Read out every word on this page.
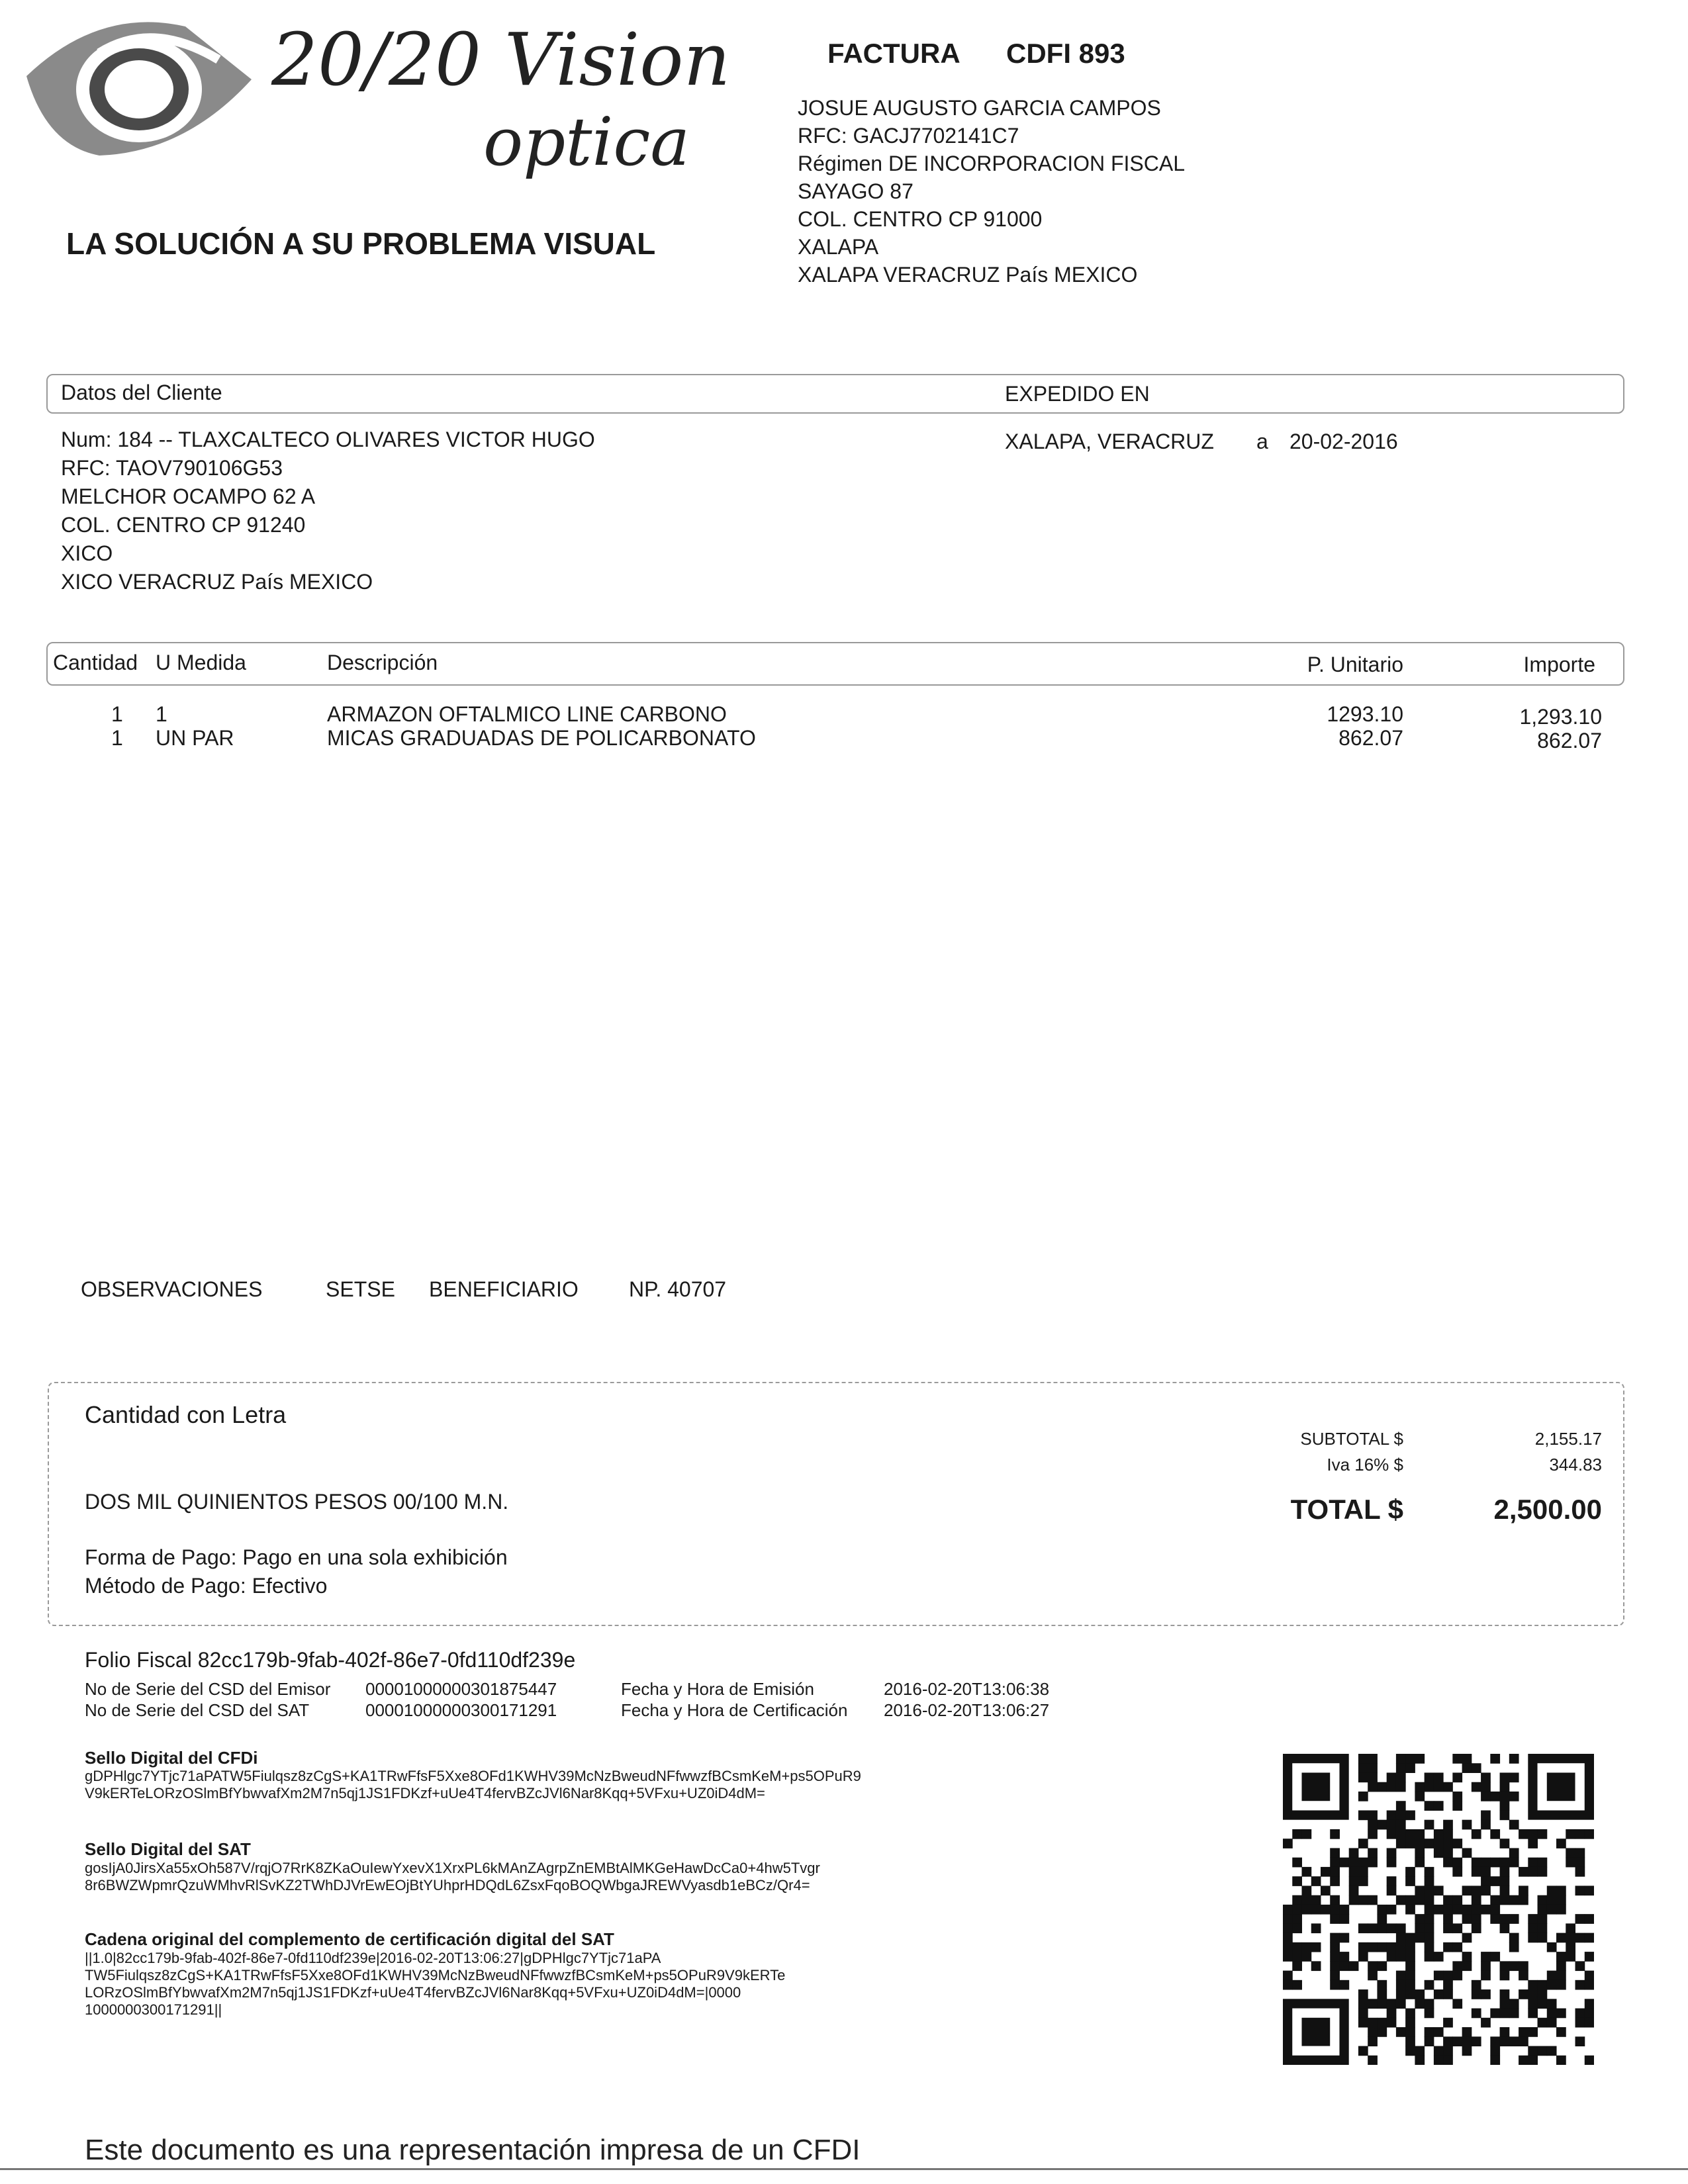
20/20 Vision
optica
LA SOLUCIÓN A SU PROBLEMA VISUAL
FACTURA CDFI 893
JOSUE AUGUSTO GARCIA CAMPOS
RFC: GACJ7702141C7
Régimen DE INCORPORACION FISCAL
SAYAGO 87
COL. CENTRO CP 91000
XALAPA
XALAPA VERACRUZ País MEXICO
Datos del Cliente	EXPEDIDO EN
Num: 184 -- TLAXCALTECO OLIVARES VICTOR HUGO
RFC: TAOV790106G53
MELCHOR OCAMPO 62 A
COL. CENTRO CP 91240
XICO
XICO VERACRUZ País MEXICO
XALAPA, VERACRUZ a 20-02-2016
Cantidad U Medida	Descripción	P. Unitario	Importe
1 1	ARMAZON OFTALMICO LINE CARBONO	1293.10	1,293.10
1 UN PAR	MICAS GRADUADAS DE POLICARBONATO	862.07	862.07
OBSERVACIONES	SETSE BENEFICIARIO NP. 40707
Cantidad con Letra
DOS MIL QUINIENTOS PESOS 00/100 M.N.
Forma de Pago: Pago en una sola exhibición
Método de Pago: Efectivo
SUBTOTAL $	2,155.17
Iva 16% $	344.83
TOTAL $	2,500.00
Folio Fiscal 82cc179b-9fab-402f-86e7-0fd110df239e
No de Serie del CSD del Emisor 00001000000301875447	Fecha y Hora de Emisión	2016-02-20T13:06:38
No de Serie del CSD del SAT	00001000000300171291	Fecha y Hora de Certificación 2016-02-20T13:06:27
Sello Digital del CFDi
gDPHlgc7YTjc71aPATW5Fiulqsz8zCgS+KA1TRwFfsF5Xxe8OFd1KWHV39McNzBweudNFfwwzfBCsmKeM+ps5OPuR9
V9kERTeLORzOSlmBfYbwvafXm2M7n5qj1JS1FDKzf+uUe4T4fervBZcJVl6Nar8Kqq+5VFxu+UZ0iD4dM=
Sello Digital del SAT
gosIjA0JirsXa55xOh587V/rqjO7RrK8ZKaOuIewYxevX1XrxPL6kMAnZAgrpZnEMBtAlMKGeHawDcCa0+4hw5Tvgr
8r6BWZWpmrQzuWMhvRlSvKZ2TWhDJVrEwEOjBtYUhprHDQdL6ZsxFqoBOQWbgaJREWVyasdb1eBCz/Qr4=
Cadena original del complemento de certificación digital del SAT
||1.0|82cc179b-9fab-402f-86e7-0fd110df239e|2016-02-20T13:06:27|gDPHlgc7YTjc71aPA
TW5Fiulqsz8zCgS+KA1TRwFfsF5Xxe8OFd1KWHV39McNzBweudNFfwwzfBCsmKeM+ps5OPuR9V9kERTe
LORzOSlmBfYbwvafXm2M7n5qj1JS1FDKzf+uUe4T4fervBZcJVl6Nar8Kqq+5VFxu+UZ0iD4dM=|0000
1000000300171291||
Este documento es una representación impresa de un CFDI
